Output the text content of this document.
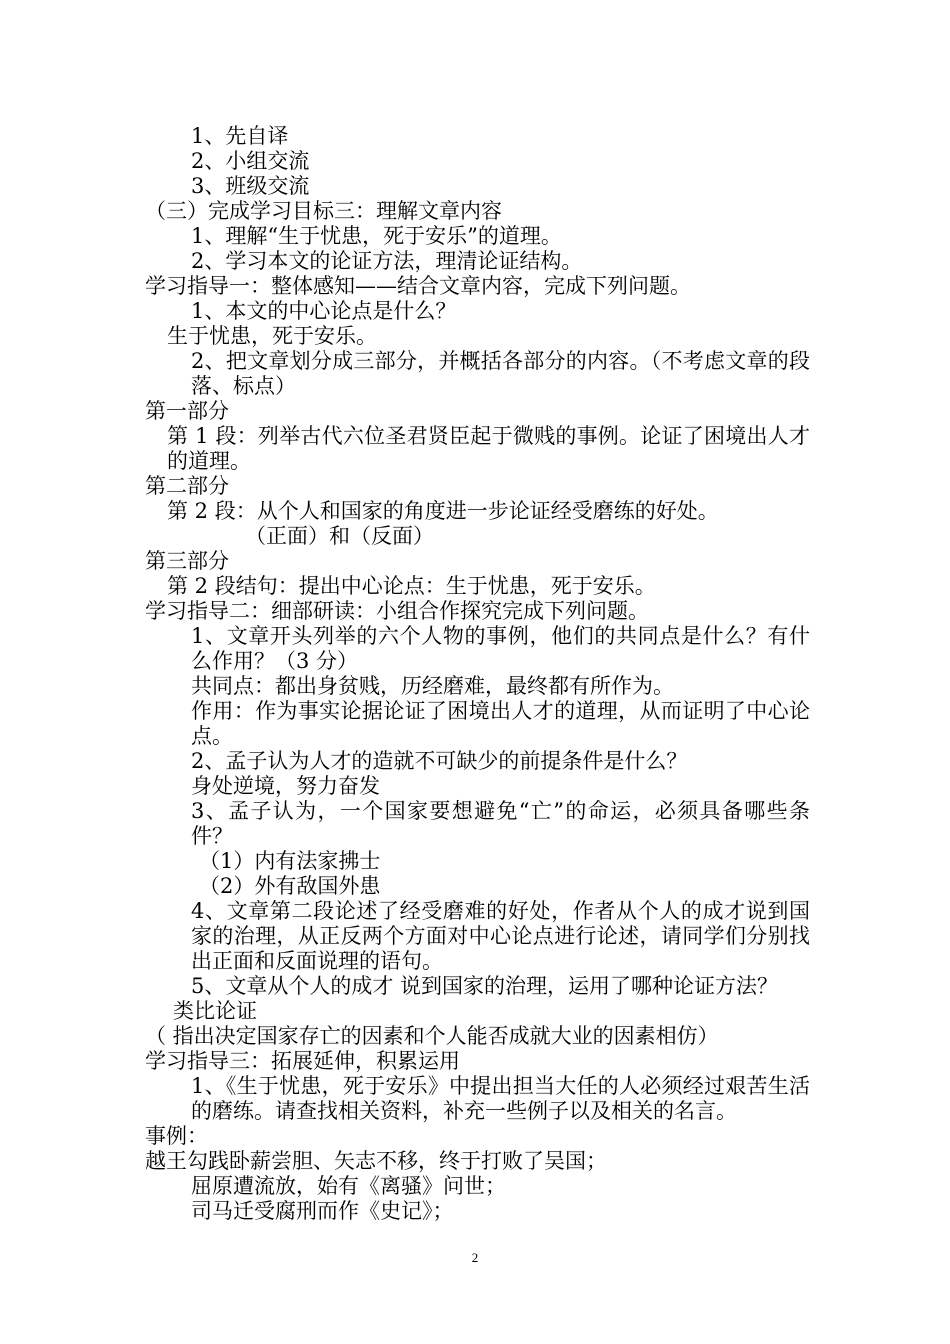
1、先自译
2、小组交流
3、班级交流
（三）完成学习目标三：理解文章内容
1、理解“生于忧患，死于安乐”的道理。
2、学习本文的论证方法，理清论证结构。
学习指导一：整体感知——结合文章内容，完成下列问题。
1、本文的中心论点是什么？
生于忧患，死于安乐。
2、把文章划分成三部分，并概括各部分的内容。（不考虑文章的段落、标点）
第一部分
第 1 段：列举古代六位圣君贤臣起于微贱的事例。论证了困境出人才的道理。
第二部分
第 2 段：从个人和国家的角度进一步论证经受磨练的好处。
（正面）和（反面）
第三部分
第 2 段结句：提出中心论点：生于忧患，死于安乐。
学习指导二：细部研读：小组合作探究完成下列问题。
1、文章开头列举的六个人物的事例，他们的共同点是什么？有什么作用？（3 分）
共同点：都出身贫贱，历经磨难，最终都有所作为。
作用：作为事实论据论证了困境出人才的道理，从而证明了中心论点。
2、孟子认为人才的造就不可缺少的前提条件是什么？
身处逆境，努力奋发
3、孟子认为，一个国家要想避免“亡”的命运，必须具备哪些条件？
（1）内有法家拂士
（2）外有敌国外患
4、文章第二段论述了经受磨难的好处，作者从个人的成才说到国家的治理，从正反两个方面对中心论点进行论述，请同学们分别找出正面和反面说理的语句。
5、文章从个人的成才 说到国家的治理，运用了哪种论证方法？
类比论证
（ 指出决定国家存亡的因素和个人能否成就大业的因素相仿）
学习指导三：拓展延伸，积累运用
1、《生于忧患，死于安乐》中提出担当大任的人必须经过艰苦生活的磨练。请查找相关资料，补充一些例子以及相关的名言。
事例：
越王勾践卧薪尝胆、矢志不移，终于打败了吴国；
屈原遭流放，始有《离骚》问世；
司马迁受腐刑而作《史记》；
2
